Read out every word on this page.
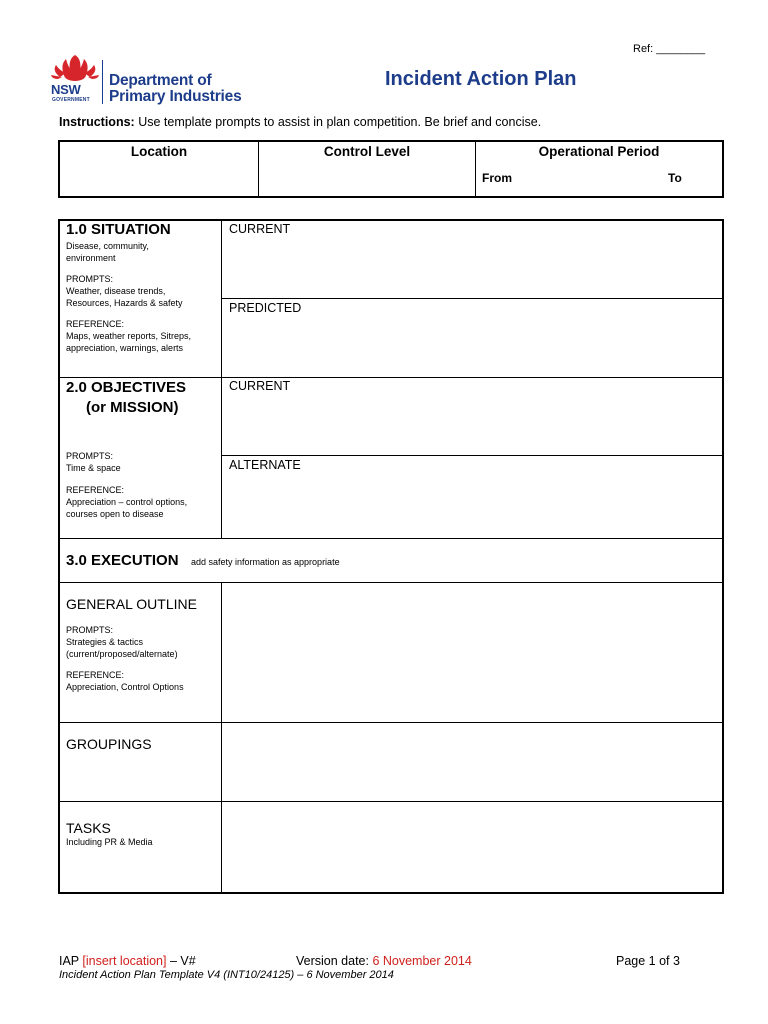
Ref: ________
NSW
GOVERNMENT
Department of
Primary Industries
Incident Action Plan
Instructions: Use template prompts to assist in plan competition. Be brief and concise.
Location	Control Level	Operational Period
From	To
1.0 SITUATION
Disease, community,
environment
PROMPTS:
Weather, disease trends,
Resources, Hazards & safety
REFERENCE:
Maps, weather reports, Sitreps,
appreciation, warnings, alerts
CURRENT
PREDICTED
2.0 OBJECTIVES
(or MISSION)
PROMPTS:
Time & space
REFERENCE:
Appreciation – control options,
courses open to disease
CURRENT
ALTERNATE
3.0 EXECUTION add safety information as appropriate
GENERAL OUTLINE
PROMPTS:
Strategies & tactics
(current/proposed/alternate)
REFERENCE:
Appreciation, Control Options
GROUPINGS
TASKS
Including PR & Media
IAP [insert location] – V#	Version date: 6 November 2014	Page 1 of 3
Incident Action Plan Template V4 (INT10/24125) – 6 November 2014
